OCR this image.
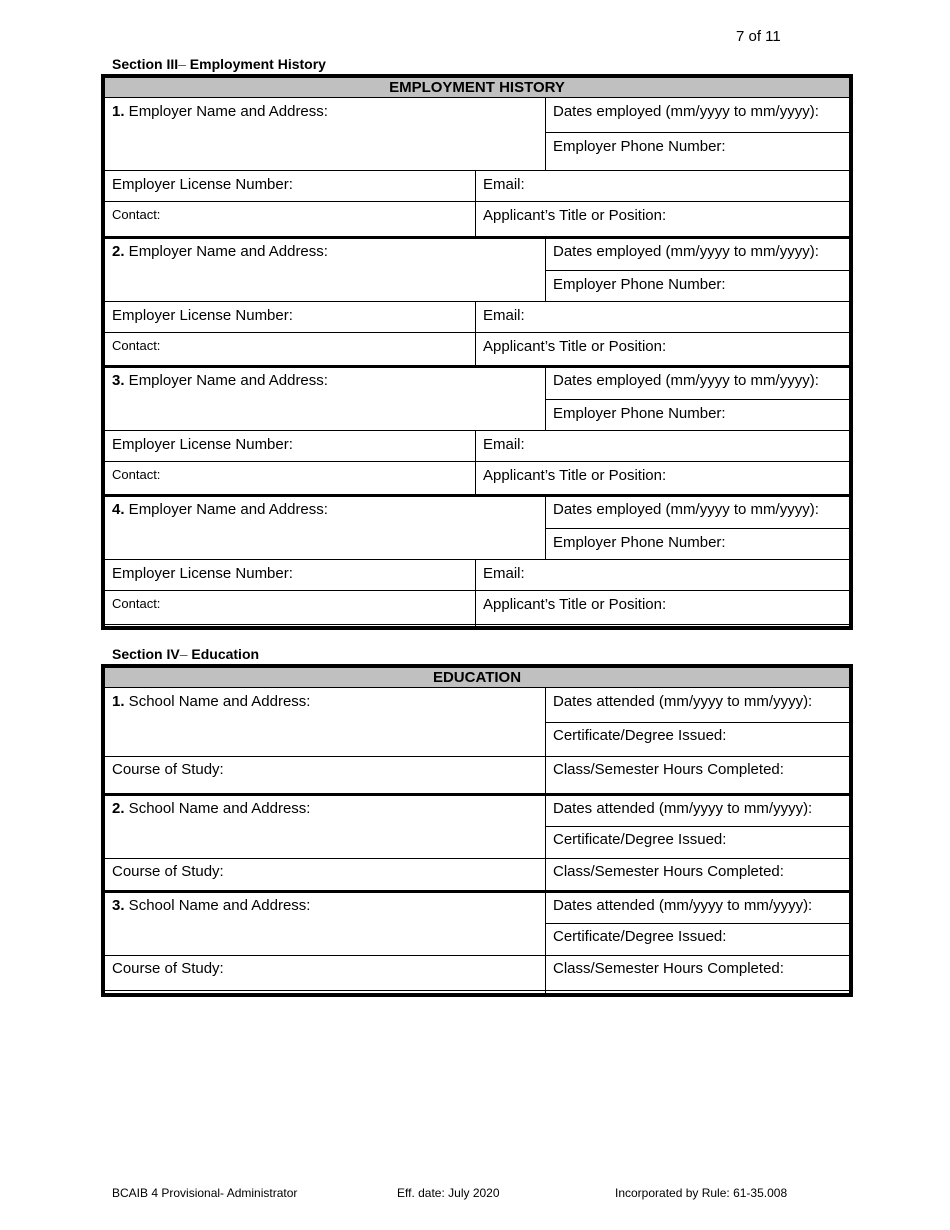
7 of 11
Section III– Employment History
EMPLOYMENT HISTORY
1. Employer Name and Address:	Dates employed (mm/yyyy to mm/yyyy):
Employer Phone Number:
Employer License Number:	Email:
Contact:	Applicant’s Title or Position:
2. Employer Name and Address:	Dates employed (mm/yyyy to mm/yyyy):
Employer Phone Number:
Employer License Number:	Email:
Contact:	Applicant’s Title or Position:
3. Employer Name and Address:	Dates employed (mm/yyyy to mm/yyyy):
Employer Phone Number:
Employer License Number:	Email:
Contact:	Applicant’s Title or Position:
4. Employer Name and Address:	Dates employed (mm/yyyy to mm/yyyy):
Employer Phone Number:
Employer License Number:	Email:
Contact:	Applicant’s Title or Position:
Section IV– Education
EDUCATION
1. School Name and Address:	Dates attended (mm/yyyy to mm/yyyy):
Certificate/Degree Issued:
Course of Study:	Class/Semester Hours Completed:
2. School Name and Address:	Dates attended (mm/yyyy to mm/yyyy):
Certificate/Degree Issued:
Course of Study:	Class/Semester Hours Completed:
3. School Name and Address:	Dates attended (mm/yyyy to mm/yyyy):
Certificate/Degree Issued:
Course of Study:	Class/Semester Hours Completed:
BCAIB 4 Provisional- Administrator	Eff. date: July 2020	Incorporated by Rule: 61-35.008
